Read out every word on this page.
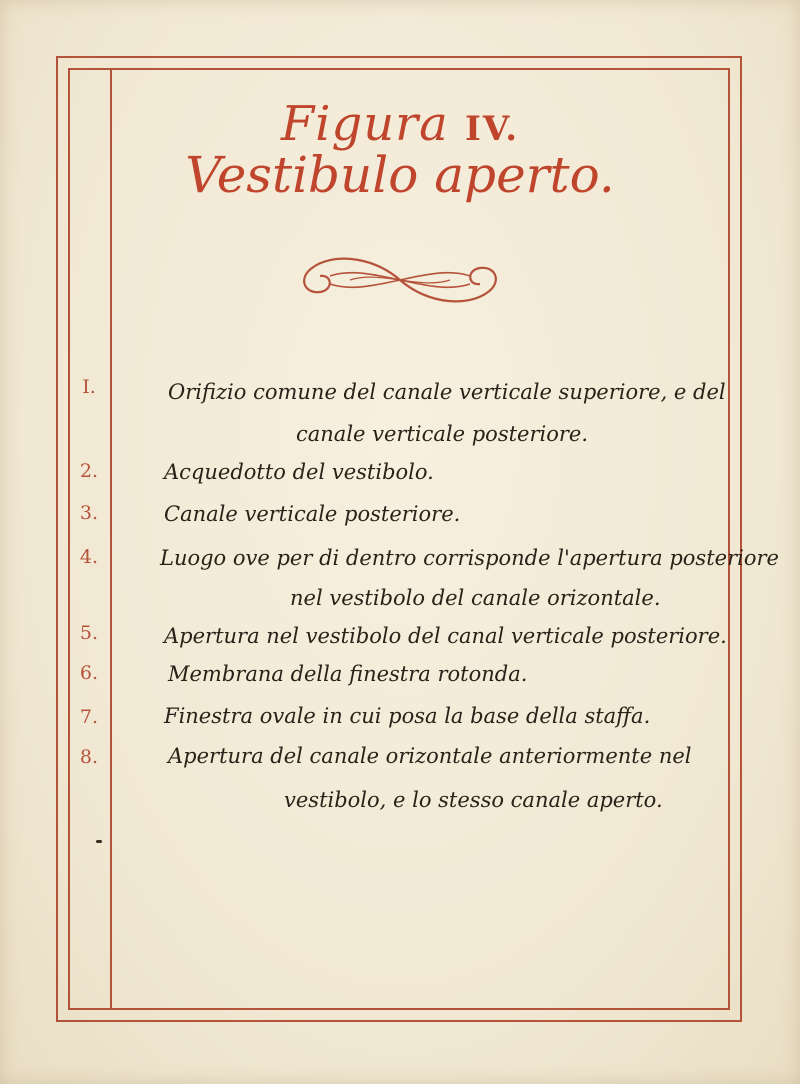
Figura IV.
Vestibulo aperto.
I.	Orifizio comune del canale verticale superiore, e del
canale verticale posteriore.
2.	Acquedotto del vestibolo.
3.	Canale verticale posteriore.
4.	Luogo ove per di dentro corrisponde l'apertura posteriore
nel vestibolo del canale orizontale.
5.	Apertura nel vestibolo del canal verticale posteriore.
6.	Membrana della finestra rotonda.
7.	Finestra ovale in cui posa la base della staffa.
8.	Apertura del canale orizontale anteriormente nel
vestibolo, e lo stesso canale aperto.
